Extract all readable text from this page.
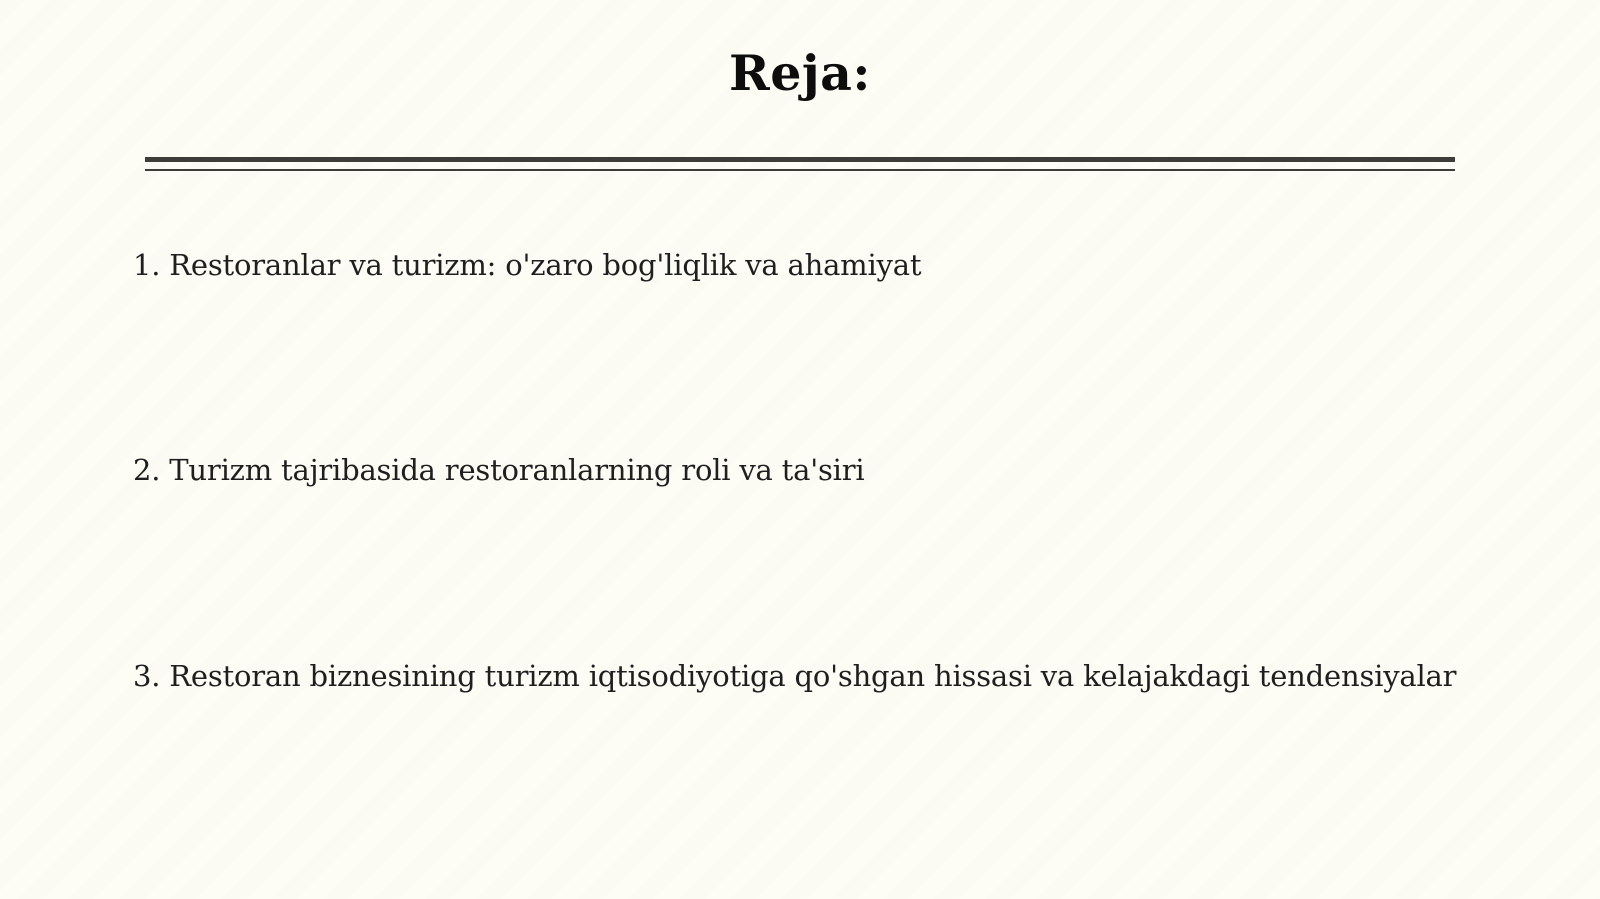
Reja:
1. Restoranlar va turizm: o'zaro bog'liqlik va ahamiyat
2. Turizm tajribasida restoranlarning roli va ta'siri
3. Restoran biznesining turizm iqtisodiyotiga qo'shgan hissasi va kelajakdagi tendensiyalar
